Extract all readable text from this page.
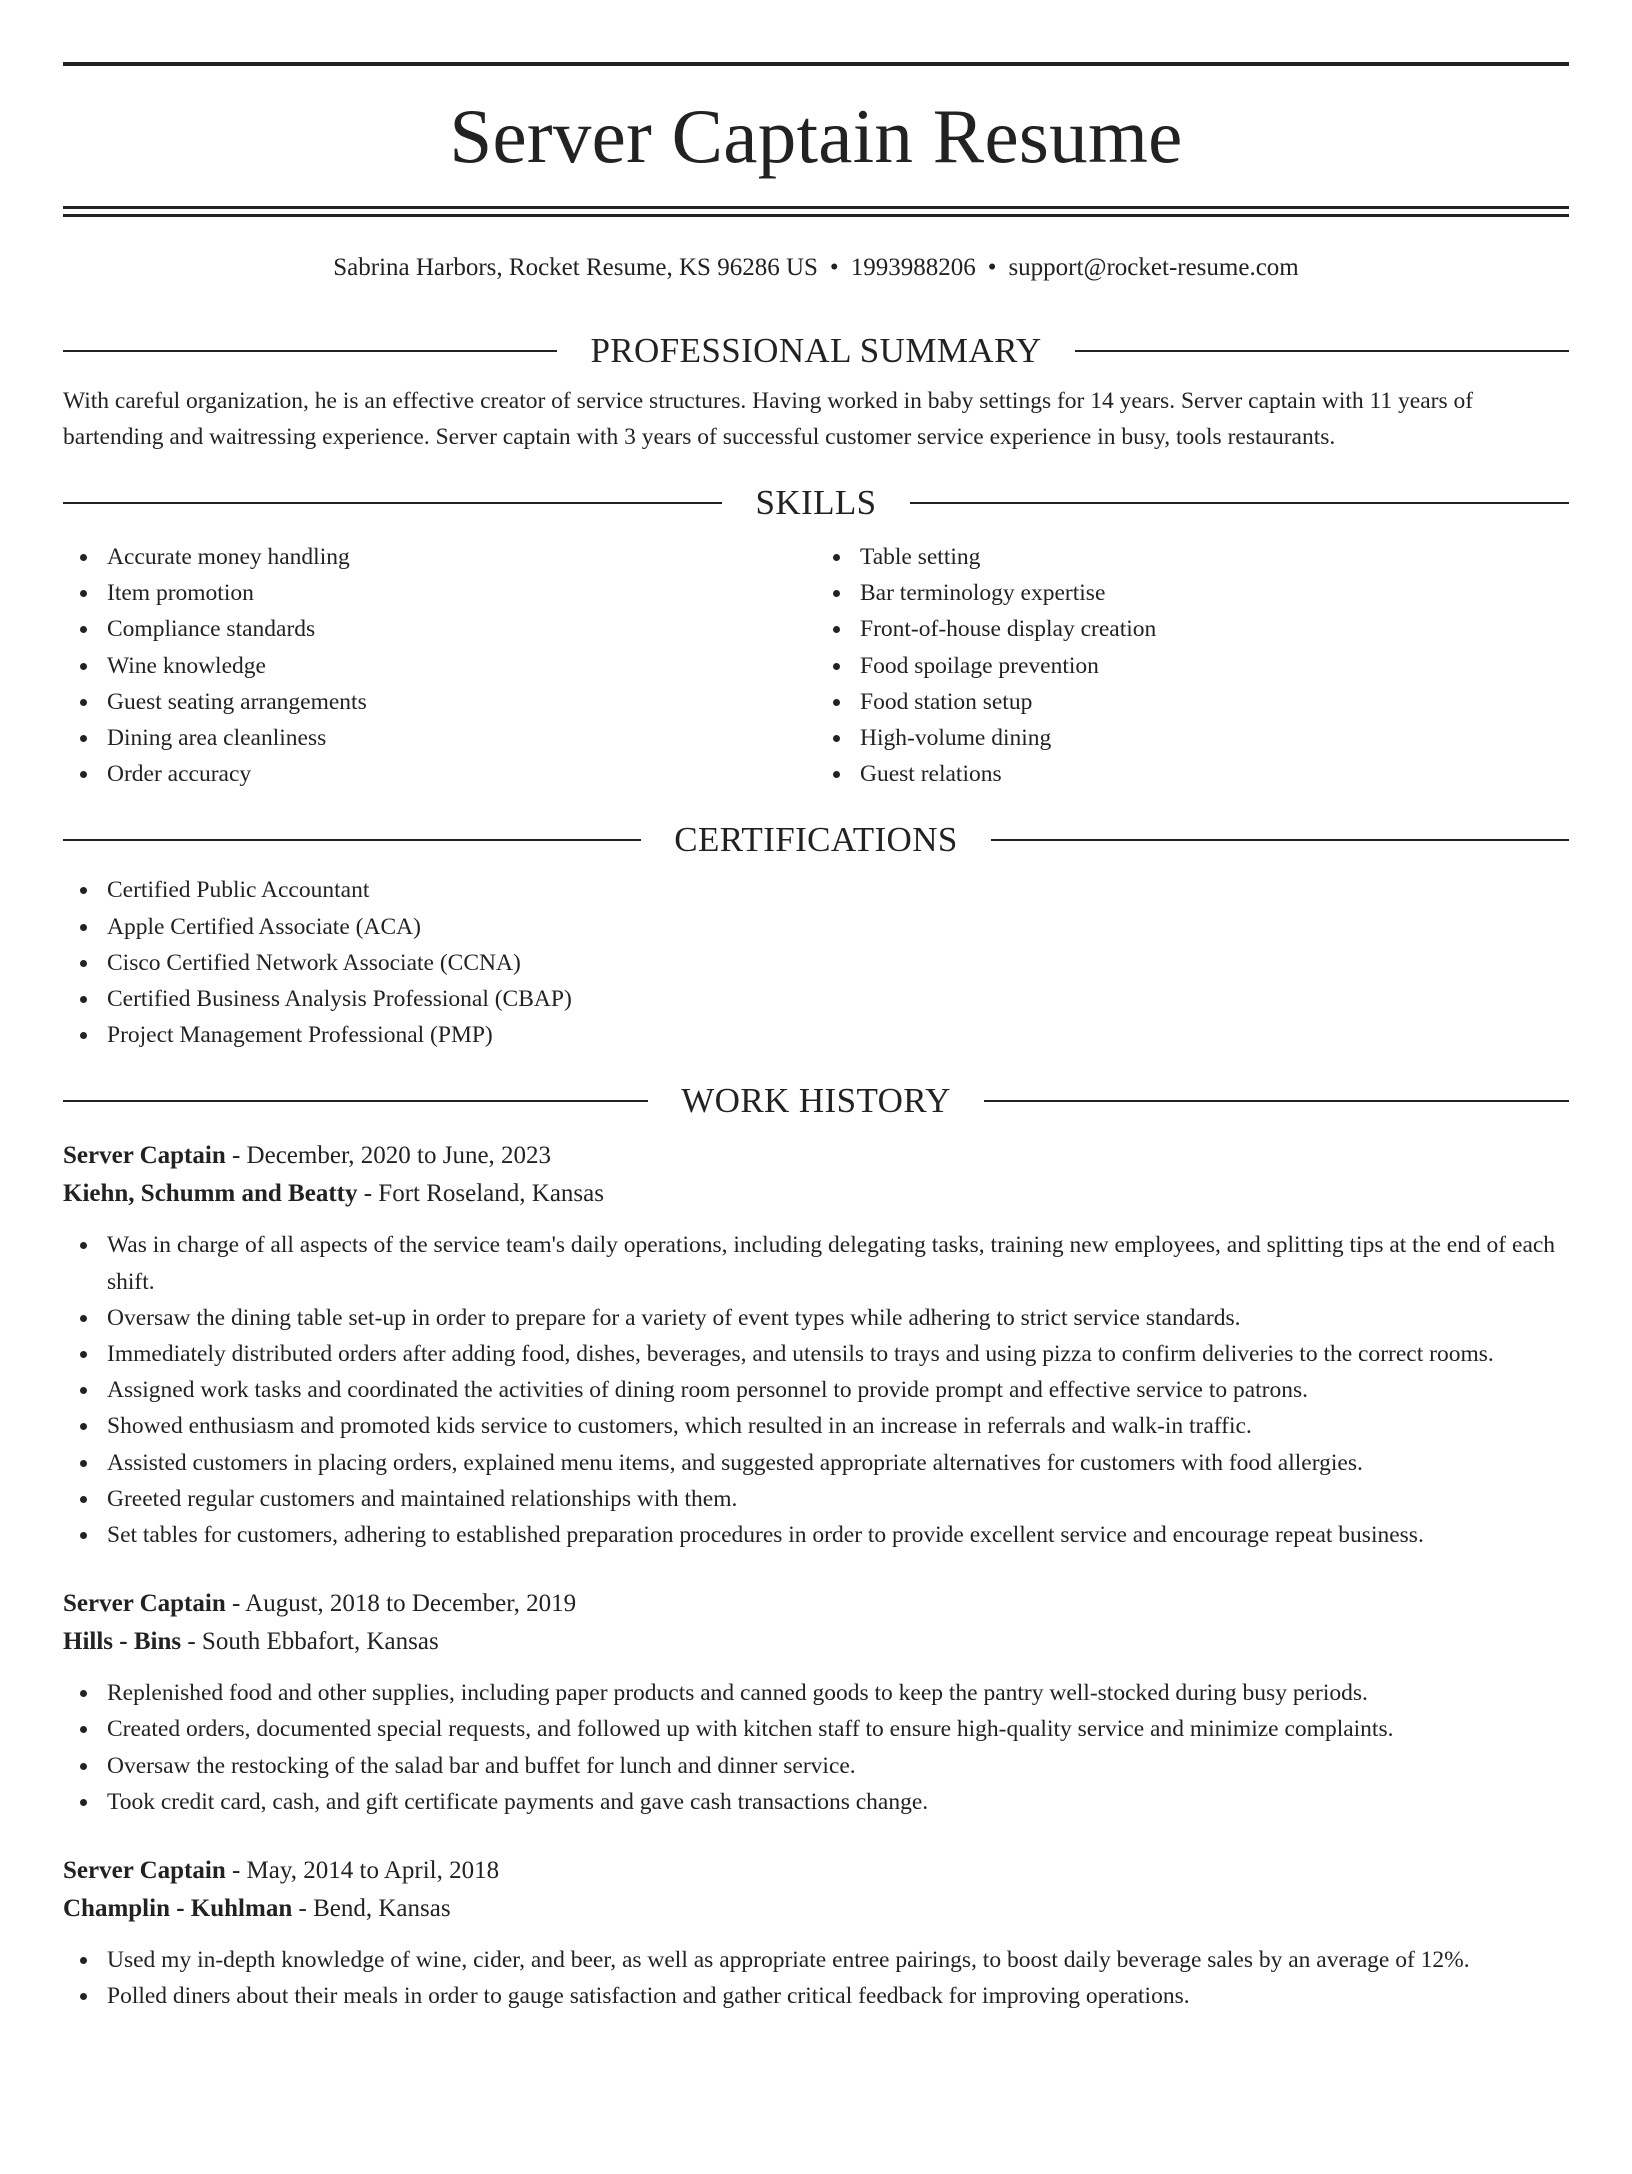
Server Captain Resume
Sabrina Harbors, Rocket Resume, KS 96286 US • 1993988206 • support@rocket-resume.com
PROFESSIONAL SUMMARY

With careful organization, he is an effective creator of service structures. Having worked in baby settings for 14 years. Server captain with 11 years of bartending and waitressing experience. Server captain with 3 years of successful customer service experience in busy, tools restaurants.

SKILLS
Accurate money handling
Item promotion
Compliance standards
Wine knowledge
Guest seating arrangements
Dining area cleanliness
Order accuracy
Table setting
Bar terminology expertise
Front-of-house display creation
Food spoilage prevention
Food station setup
High-volume dining
Guest relations
CERTIFICATIONS
Certified Public Accountant
Apple Certified Associate (ACA)
Cisco Certified Network Associate (CCNA)
Certified Business Analysis Professional (CBAP)
Project Management Professional (PMP)
WORK HISTORY
Server Captain - December, 2020 to June, 2023
Kiehn, Schumm and Beatty - Fort Roseland, Kansas
Was in charge of all aspects of the service team's daily operations, including delegating tasks, training new employees, and splitting tips at the end of each shift.
Oversaw the dining table set-up in order to prepare for a variety of event types while adhering to strict service standards.
Immediately distributed orders after adding food, dishes, beverages, and utensils to trays and using pizza to confirm deliveries to the correct rooms.
Assigned work tasks and coordinated the activities of dining room personnel to provide prompt and effective service to patrons.
Showed enthusiasm and promoted kids service to customers, which resulted in an increase in referrals and walk-in traffic.
Assisted customers in placing orders, explained menu items, and suggested appropriate alternatives for customers with food allergies.
Greeted regular customers and maintained relationships with them.
Set tables for customers, adhering to established preparation procedures in order to provide excellent service and encourage repeat business.
Server Captain - August, 2018 to December, 2019
Hills - Bins - South Ebbafort, Kansas
Replenished food and other supplies, including paper products and canned goods to keep the pantry well-stocked during busy periods.
Created orders, documented special requests, and followed up with kitchen staff to ensure high-quality service and minimize complaints.
Oversaw the restocking of the salad bar and buffet for lunch and dinner service.
Took credit card, cash, and gift certificate payments and gave cash transactions change.
Server Captain - May, 2014 to April, 2018
Champlin - Kuhlman - Bend, Kansas
Used my in-depth knowledge of wine, cider, and beer, as well as appropriate entree pairings, to boost daily beverage sales by an average of 12%.
Polled diners about their meals in order to gauge satisfaction and gather critical feedback for improving operations.
